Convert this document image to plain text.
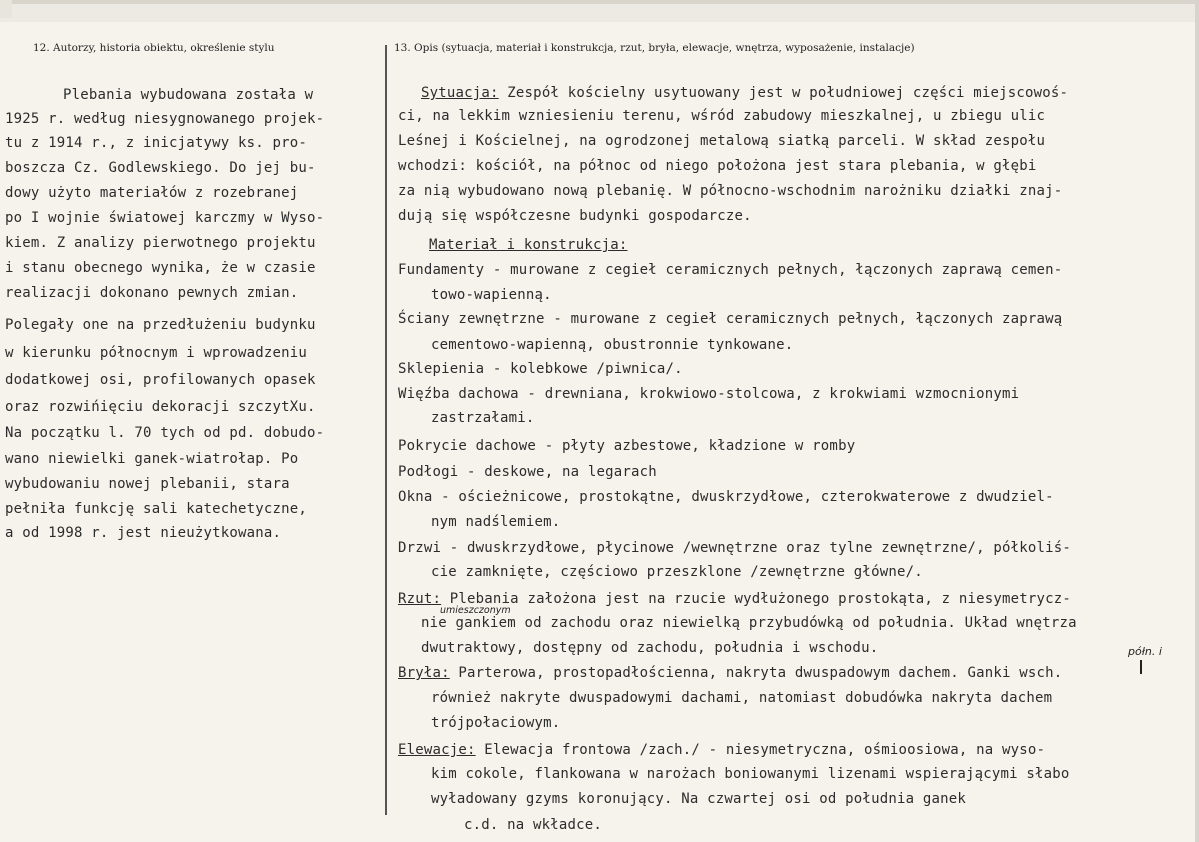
12. Autorzy, historia obiektu, określenie stylu	13. Opis (sytuacja, materiał i konstrukcja, rzut, bryła, elewacje, wnętrza, wyposażenie, instalacje)
Plebania wybudowana została w
1925 r. według niesygnowanego projek-
tu z 1914 r., z inicjatywy ks. pro-
boszcza Cz. Godlewskiego. Do jej bu-
dowy użyto materiałów z rozebranej
po I wojnie światowej karczmy w Wyso-
kiem. Z analizy pierwotnego projektu
i stanu obecnego wynika, że w czasie
realizacji dokonano pewnych zmian.
Polegały one na przedłużeniu budynku
w kierunku północnym i wprowadzeniu
dodatkowej osi, profilowanych opasek
oraz rozwińięciu dekoracji szczytXu.
Na początku l. 70 tych od pd. dobudo-
wano niewielki ganek-wiatrołap. Po
wybudowaniu nowej plebanii, stara
pełniła funkcję sali katechetyczne,
a od 1998 r. jest nieużytkowana.
Sytuacja: Zespół kościelny usytuowany jest w południowej części miejscowoś-
ci, na lekkim wzniesieniu terenu, wśród zabudowy mieszkalnej, u zbiegu ulic
Leśnej i Kościelnej, na ogrodzonej metalową siatką parceli. W skład zespołu
wchodzi: kościół, na północ od niego położona jest stara plebania, w głębi
za nią wybudowano nową plebanię. W północno-wschodnim narożniku działki znaj-
dują się współczesne budynki gospodarcze.
Materiał i konstrukcja:
Fundamenty - murowane z cegieł ceramicznych pełnych, łączonych zaprawą cemen-
towo-wapienną.
Ściany zewnętrzne - murowane z cegieł ceramicznych pełnych, łączonych zaprawą
cementowo-wapienną, obustronnie tynkowane.
Sklepienia - kolebkowe /piwnica/.
Więźba dachowa - drewniana, krokwiowo-stolcowa, z krokwiami wzmocnionymi
zastrzałami.
Pokrycie dachowe - płyty azbestowe, kładzione w romby
Podłogi - deskowe, na legarach
Okna - ościeżnicowe, prostokątne, dwuskrzydłowe, czterokwaterowe z dwudziel-
nym nadślemiem.
Drzwi - dwuskrzydłowe, płycinowe /wewnętrzne oraz tylne zewnętrzne/, półkoliś-
cie zamknięte, częściowo przeszklone /zewnętrzne główne/.
Rzut: Plebania założona jest na rzucie wydłużonego prostokąta, z niesymetrycz-
umieszczonym
nie gankiem od zachodu oraz niewielką przybudówką od południa. Układ wnętrza
dwutraktowy, dostępny od zachodu, południa i wschodu.	półn. i
Bryła: Parterowa, prostopadłościenna, nakryta dwuspadowym dachem. Ganki wsch.
również nakryte dwuspadowymi dachami, natomiast dobudówka nakryta dachem
trójpołaciowym.
Elewacje: Elewacja frontowa /zach./ - niesymetryczna, ośmioosiowa, na wyso-
kim cokole, flankowana w narożach boniowanymi lizenami wspierającymi słabo
wyładowany gzyms koronujący. Na czwartej osi od południa ganek
c.d. na wkładce.
